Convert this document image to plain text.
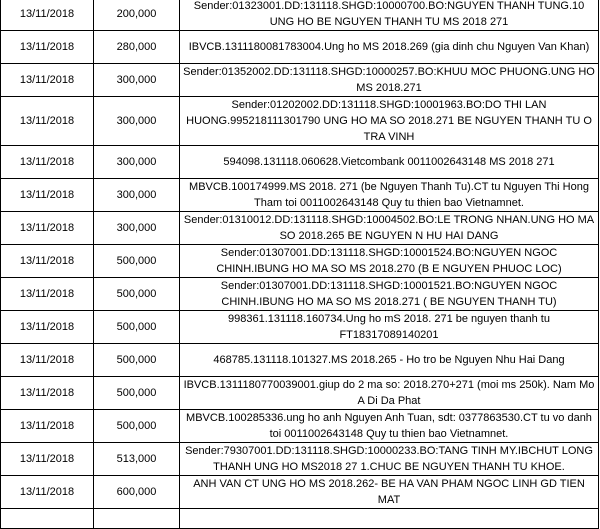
13/11/2018	200,000	Sender:01323001.DD:131118.SHGD:10000700.BO:NGUYEN THANH TUNG.10 UNG HO BE NGUYEN THANH TU MS 2018 271
13/11/2018	280,000	IBVCB.1311180081783004.Ung ho MS 2018.269 (gia dinh chu Nguyen Van Khan)
13/11/2018	300,000	Sender:01352002.DD:131118.SHGD:10000257.BO:KHUU MOC PHUONG.UNG HO MS 2018.271
13/11/2018	300,000	Sender:01202002.DD:131118.SHGD:10001963.BO:DO THI LAN HUONG.995218111301790 UNG HO MA SO 2018.271 BE NGUYEN THANH TU O TRA VINH
13/11/2018	300,000	594098.131118.060628.Vietcombank 0011002643148 MS 2018 271
13/11/2018	300,000	MBVCB.100174999.MS 2018. 271 (be Nguyen Thanh Tu).CT tu Nguyen Thi Hong Tham toi 0011002643148 Quy tu thien bao Vietnamnet.
13/11/2018	300,000	Sender:01310012.DD:131118.SHGD:10004502.BO:LE TRONG NHAN.UNG HO MA SO 2018.265 BE NGUYEN N HU HAI DANG
13/11/2018	500,000	Sender:01307001.DD:131118.SHGD:10001524.BO:NGUYEN NGOC CHINH.IBUNG HO MA SO MS 2018.270 (B E NGUYEN PHUOC LOC)
13/11/2018	500,000	Sender:01307001.DD:131118.SHGD:10001521.BO:NGUYEN NGOC CHINH.IBUNG HO MA SO MS 2018.271 ( BE NGUYEN THANH TU)
13/11/2018	500,000	998361.131118.160734.Ung ho mS 2018. 271 be nguyen thanh tu FT18317089140201
13/11/2018	500,000	468785.131118.101327.MS 2018.265 - Ho tro be Nguyen Nhu Hai Dang
13/11/2018	500,000	IBVCB.1311180770039001.giup do 2 ma so: 2018.270+271 (moi ms 250k). Nam Mo A Di Da Phat
13/11/2018	500,000	MBVCB.100285336.ung ho anh Nguyen Anh Tuan, sdt: 0377863530.CT tu vo danh toi 0011002643148 Quy tu thien bao Vietnamnet.
13/11/2018	513,000	Sender:79307001.DD:131118.SHGD:10000233.BO:TANG TINH MY.IBCHUT LONG THANH UNG HO MS2018 27 1.CHUC BE NGUYEN THANH TU KHOE.
13/11/2018	600,000	ANH VAN CT UNG HO MS 2018.262- BE HA VAN PHAM NGOC LINH GD TIEN MAT
